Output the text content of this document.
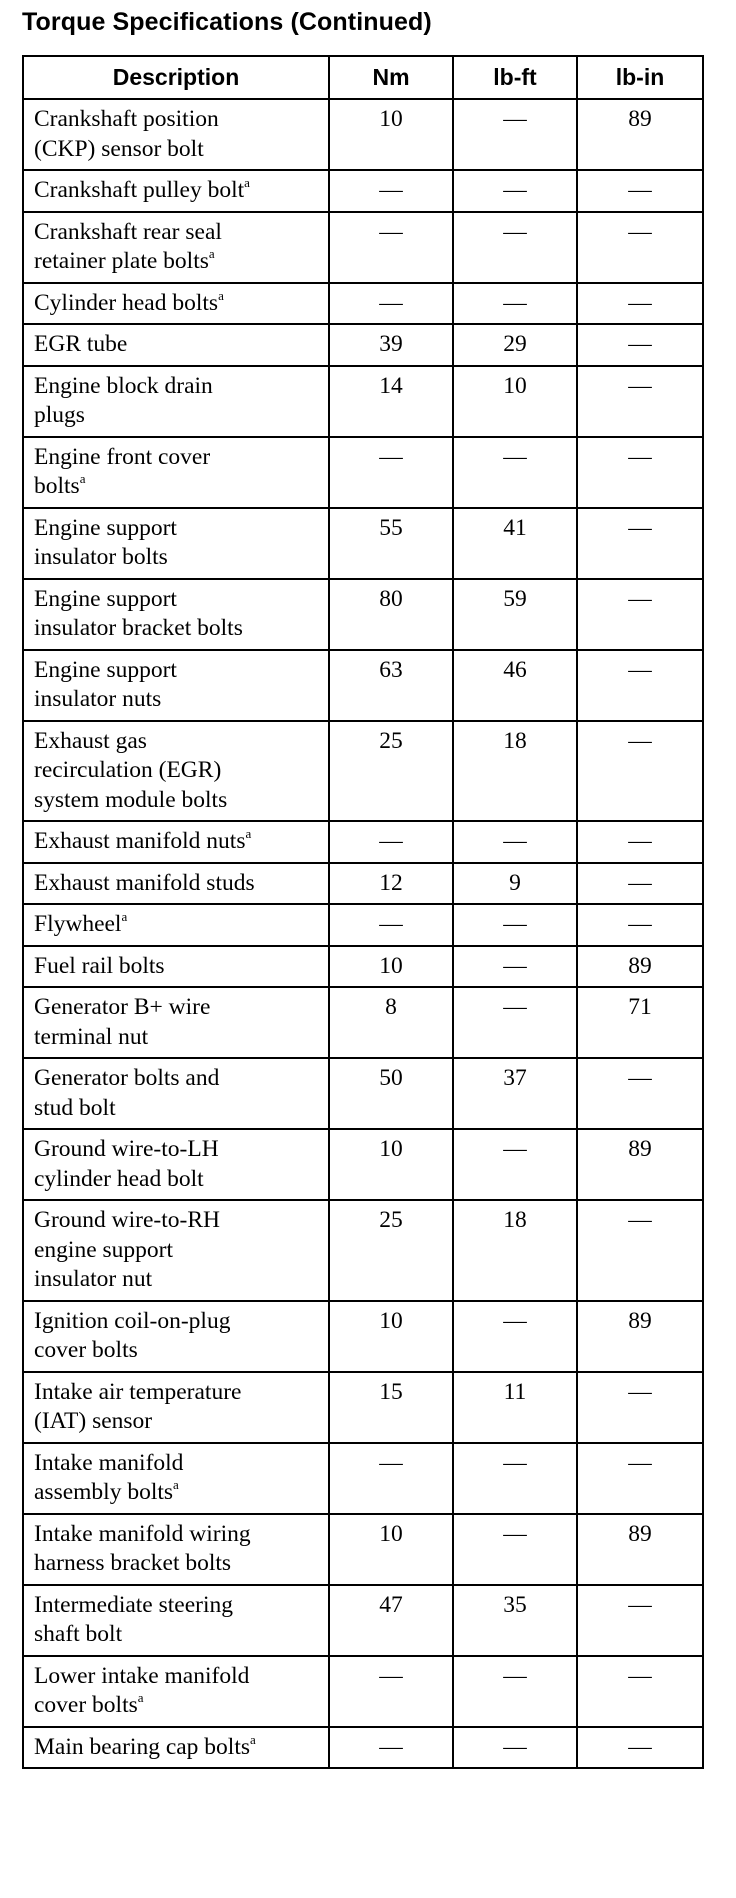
Torque Specifications (Continued)
Description	Nm	lb-ft	lb-in
Crankshaft position
(CKP) sensor bolt	10	—	89
Crankshaft pulley bolt$^a$	—	—	—
Crankshaft rear seal
retainer plate bolts$^a$	—	—	—
Cylinder head bolts$^a$	—	—	—
EGR tube	39	29	—
Engine block drain
plugs	14	10	—
Engine front cover
bolts$^a$	—	—	—
Engine support
insulator bolts	55	41	—
Engine support
insulator bracket bolts	80	59	—
Engine support
insulator nuts	63	46	—
Exhaust gas
recirculation (EGR)
system module bolts	25	18	—
Exhaust manifold nuts$^a$	—	—	—
Exhaust manifold studs	12	9	—
Flywheel$^a$	—	—	—
Fuel rail bolts	10	—	89
Generator B+ wire
terminal nut	8	—	71
Generator bolts and
stud bolt	50	37	—
Ground wire-to-LH
cylinder head bolt	10	—	89
Ground wire-to-RH
engine support
insulator nut	25	18	—
Ignition coil-on-plug
cover bolts	10	—	89
Intake air temperature
(IAT) sensor	15	11	—
Intake manifold
assembly bolts$^a$	—	—	—
Intake manifold wiring
harness bracket bolts	10	—	89
Intermediate steering
shaft bolt	47	35	—
Lower intake manifold
cover bolts$^a$	—	—	—
Main bearing cap bolts$^a$	—	—	—
